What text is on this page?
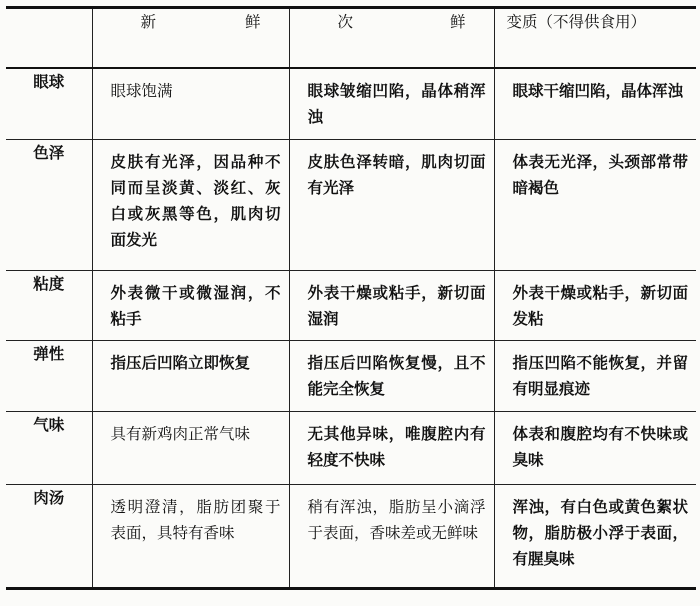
	新 鲜	次 鲜	变质（不得供食用）

眼球	眼球饱满	眼球皱缩凹陷，晶体稍浑浊	眼球干缩凹陷，晶体浑浊

色泽	皮肤有光泽，因品种不同而呈淡黄、淡红、灰白或灰黑等色，肌肉切面发光	皮肤色泽转暗，肌肉切面有光泽	体表无光泽，头颈部常带暗褐色

粘度	外表微干或微湿润，不粘手	外表干燥或粘手，新切面湿润	外表干燥或粘手，新切面发粘

弹性	指压后凹陷立即恢复	指压后凹陷恢复慢，且不能完全恢复	指压凹陷不能恢复，并留有明显痕迹

气味	具有新鸡肉正常气味	无其他异味，唯腹腔内有轻度不快味	体表和腹腔均有不快味或臭味

肉汤	透明澄清，脂肪团聚于表面，具特有香味	稍有浑浊，脂肪呈小滴浮于表面，香味差或无鲜味	浑浊，有白色或黄色絮状物，脂肪极小浮于表面，有腥臭味
